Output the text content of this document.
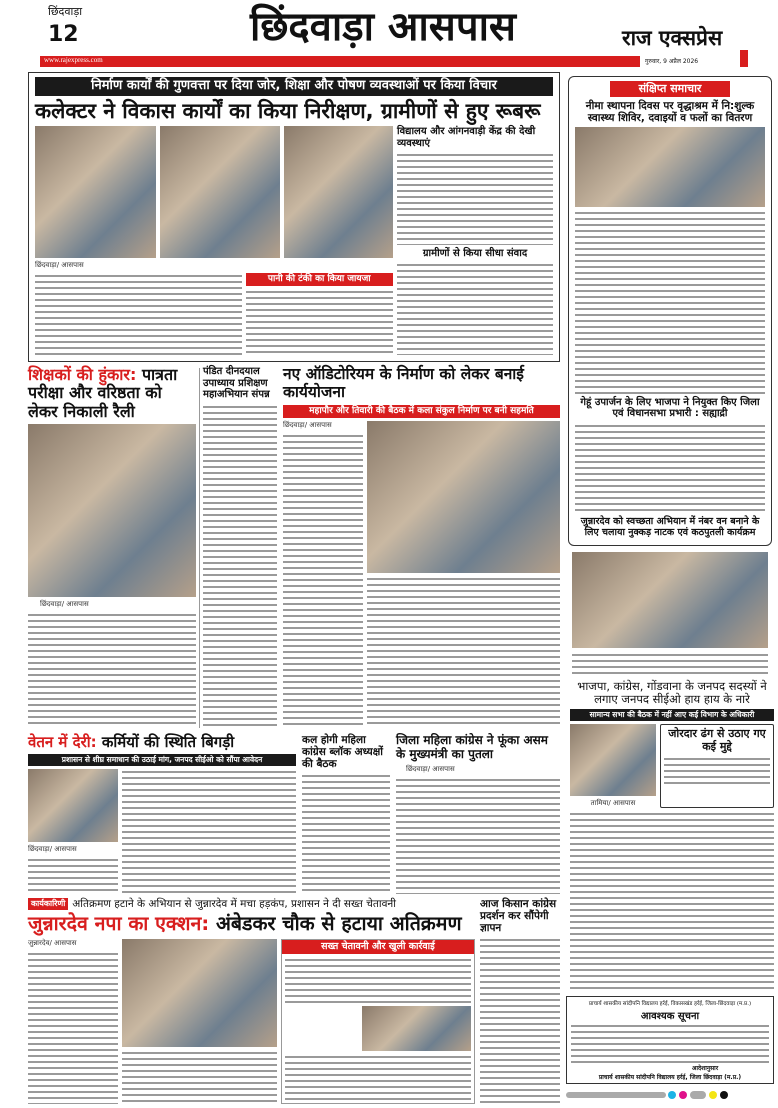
छिंदवाड़ा
12	छिंदवाड़ा आसपास	राज एक्सप्रेस
$^{www.rajexpress.com}$	गुरुवार, 9 अप्रैल 2026
निर्माण कार्यों की गुणवत्ता पर दिया जोर, शिक्षा और पोषण व्यवस्थाओं पर किया विचार
कलेक्टर ने विकास कार्यों का किया निरीक्षण, ग्रामीणों से हुए रूबरू
छिंदवाड़ा/ आसपास
पानी की टंकी का किया जायजा
विद्यालय और आंगनवाड़ी केंद्र की देखी व्यवस्थाएं
ग्रामीणों से किया सीधा संवाद
संक्षिप्त समाचार
नीमा स्थापना दिवस पर वृद्धाश्रम में नि:शुल्क स्वास्थ्य शिविर, दवाइयों व फलों का वितरण
गेहूं उपार्जन के लिए भाजपा ने नियुक्त किए जिला एवं विधानसभा प्रभारी : सह्याद्री
जुन्नारदेव को स्वच्छता अभियान में नंबर वन बनाने के लिए चलाया नुक्कड़ नाटक एवं कठपुतली कार्यक्रम
शिक्षकों की हुंकार: पात्रता परीक्षा और वरिष्ठता को लेकर निकाली रैली
छिंदवाड़ा/ आसपास
पंडित दीनदयाल उपाध्याय प्रशिक्षण महाअभियान संपन्न
नए ऑडिटोरियम के निर्माण को लेकर बनाई कार्ययोजना
महापौर और तिवारी की बैठक में कला संकुल निर्माण पर बनी सहमति
छिंदवाड़ा/ आसपास
वेतन में देरी: कर्मियों की स्थिति बिगड़ी
प्रशासन से शीघ्र समाधान की उठाई मांग, जनपद सीईओ को सौंपा आवेदन
छिंदवाड़ा/ आसपास
कल होगी महिला कांग्रेस ब्लॉक अध्यक्षों की बैठक
जिला महिला कांग्रेस ने फूंका असम के मुख्यमंत्री का पुतला
छिंदवाड़ा/ आसपास
भाजपा, कांग्रेस, गोंडवाना के जनपद सदस्यों ने लगाए जनपद सीईओ हाय हाय के नारे
सामान्य सभा की बैठक में नहीं आए कई विभाग के अधिकारी
तामिया/ आसपास
जोरदार ढंग से उठाए गए कई मुद्दे
कार्यकारिणी अतिक्रमण हटाने के अभियान से जुन्नारदेव में मचा हड़कंप, प्रशासन ने दी सख्त चेतावनी
जुन्नारदेव नपा का एक्शन: अंबेडकर चौक से हटाया अतिक्रमण
जुन्नारदेव/ आसपास	सख्त चेतावनी और खुली कार्रवाई
आज किसान कांग्रेस प्रदर्शन कर सौंपेगी ज्ञापन
प्राचार्य शासकीय सांदीपनि विद्यालय हर्रई, विकासखंड हर्रई, जिला-छिंदवाड़ा (म.प्र.)
आवश्यक सूचना
आदेशानुसार
प्राचार्य शासकीय सांदीपनि विद्यालय हर्रई, जिला छिंदवाड़ा (म.प्र.)
